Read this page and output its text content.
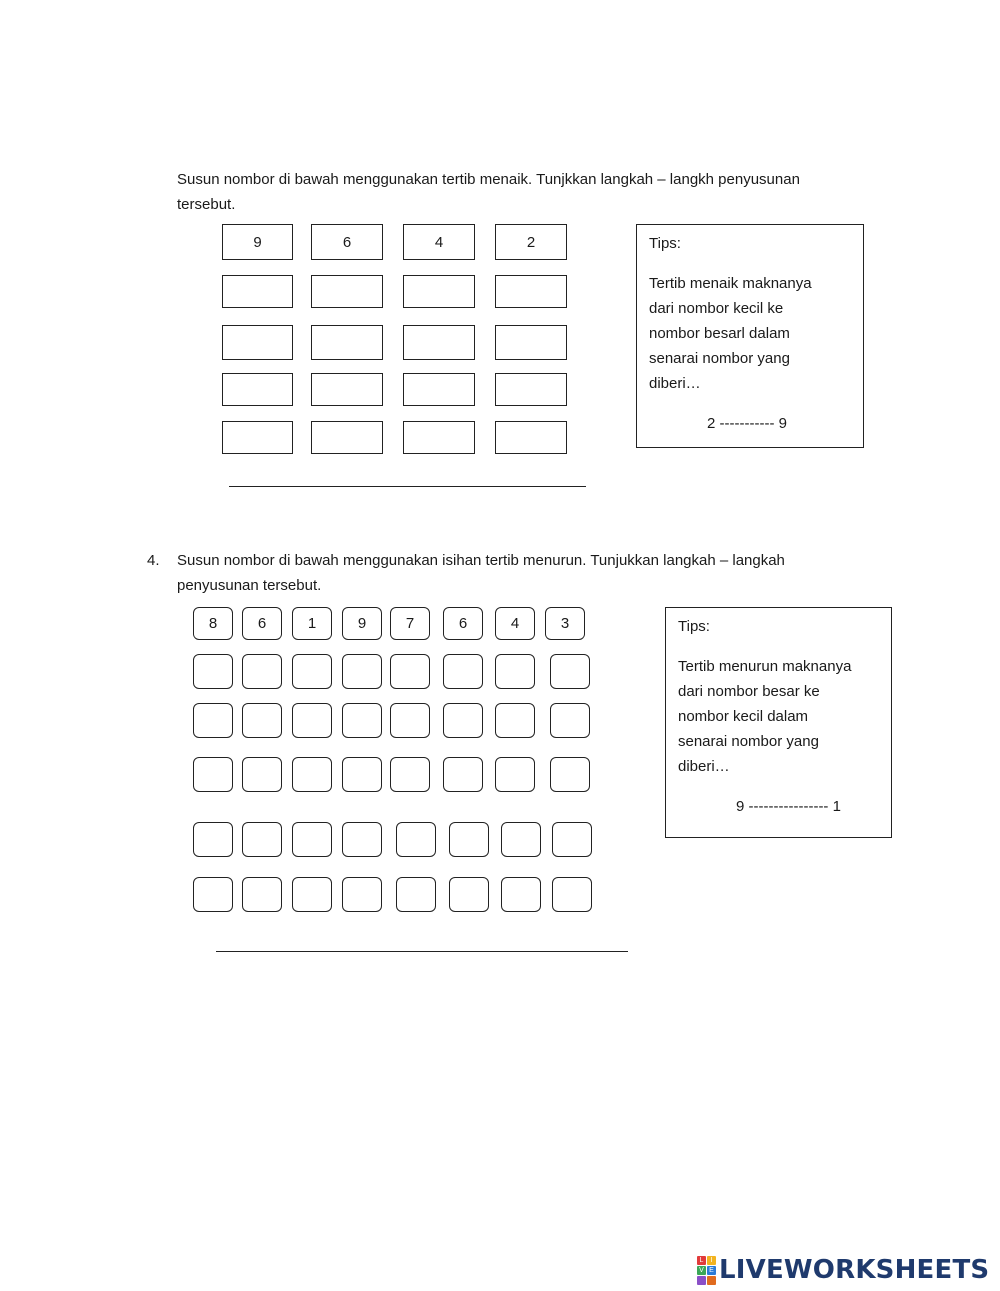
Susun nombor di bawah menggunakan tertib menaik. Tunjkkan langkah – langkh penyusunan
tersebut.
9	6	4	2	Tips:
Tertib menaik maknanya
dari nombor kecil ke
nombor besarl dalam
senarai nombor yang
diberi…
2 ----------- 9
4. Susun nombor di bawah menggunakan isihan tertib menurun. Tunjukkan langkah – langkah
penyusunan tersebut.
8	6	1	9	7	6	4	3	Tips:
Tertib menurun maknanya
dari nombor besar ke
nombor kecil dalam
senarai nombor yang
diberi…
9 ---------------- 1
L	I
V E LIVEWORKSHEETS
